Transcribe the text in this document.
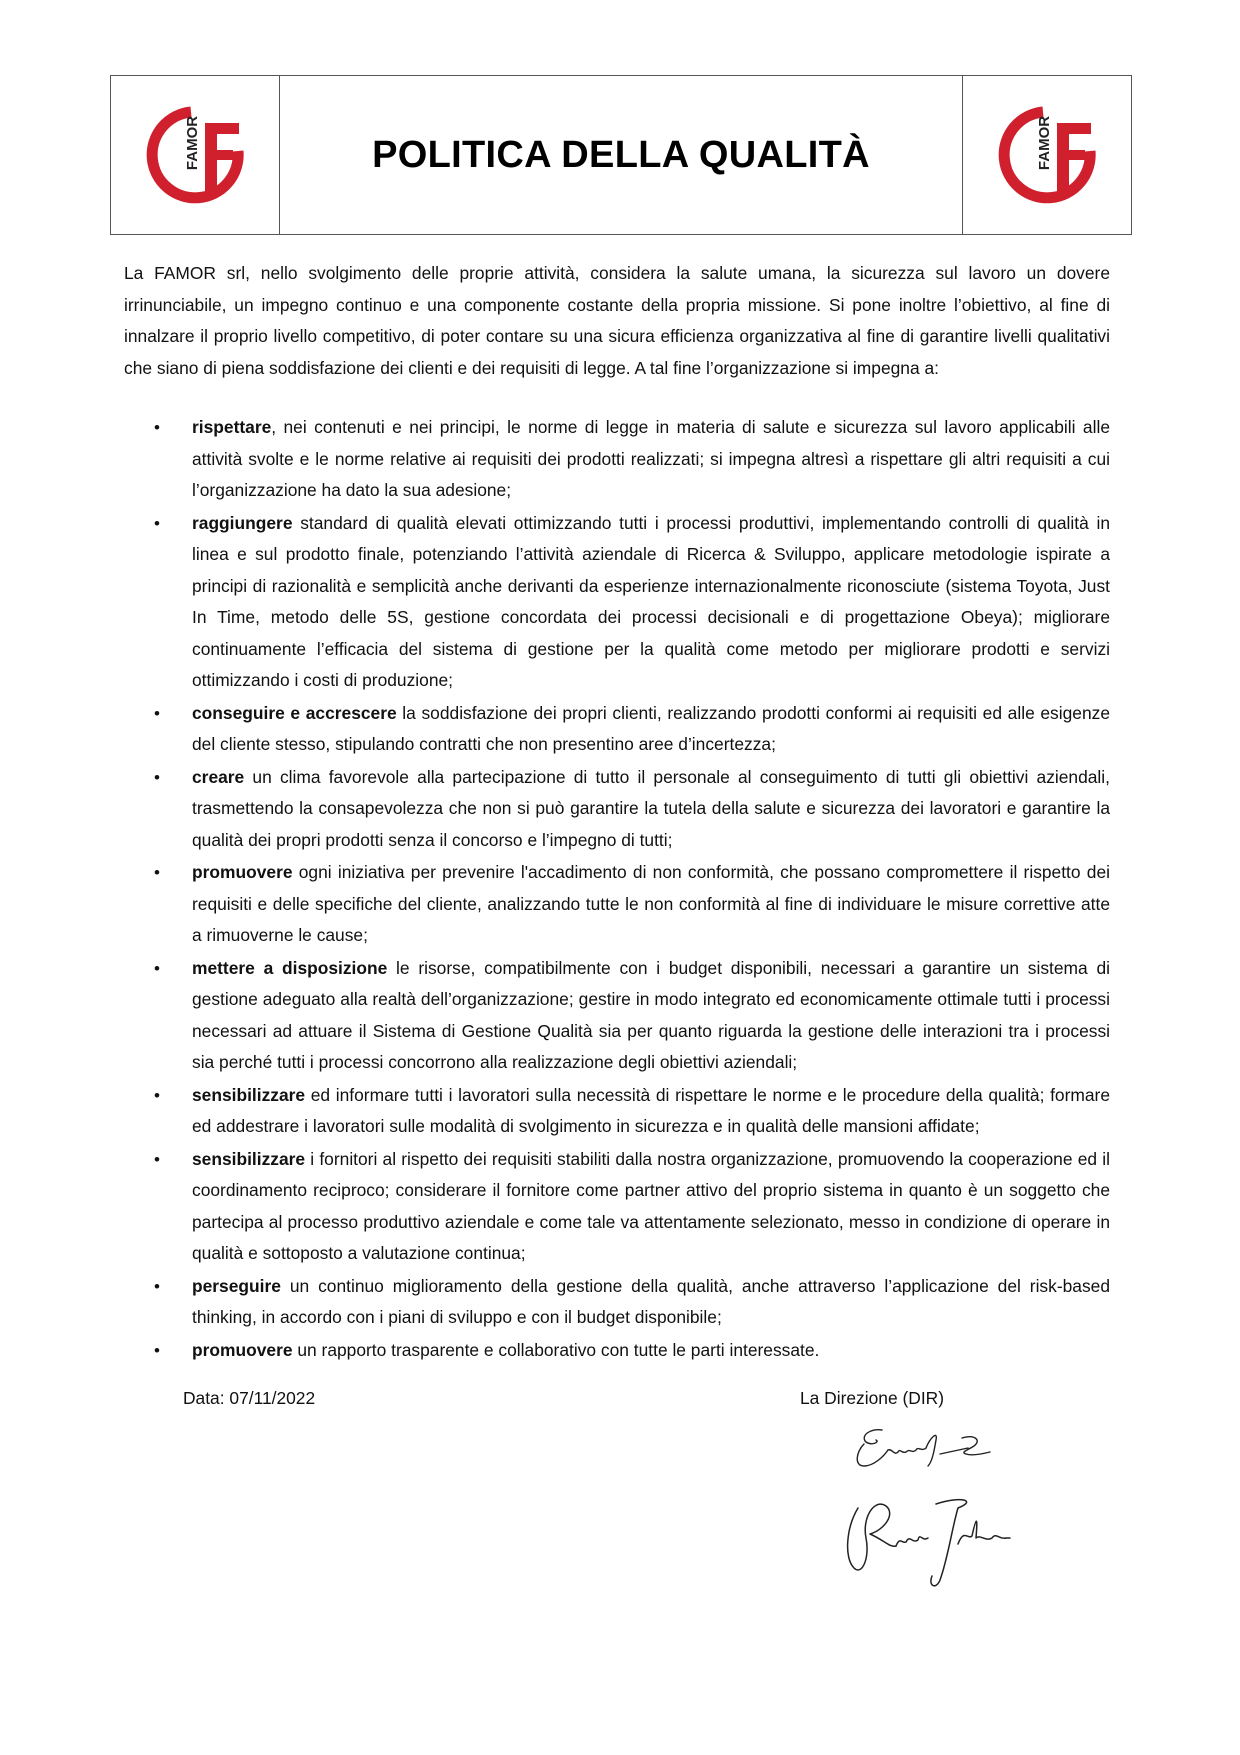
FAMOR	POLITICA DELLA QUALITÀ	FAMOR

La FAMOR srl, nello svolgimento delle proprie attività, considera la salute umana, la sicurezza sul lavoro un dovere irrinunciabile, un impegno continuo e una componente costante della propria missione. Si pone inoltre l’obiettivo, al fine di innalzare il proprio livello competitivo, di poter contare su una sicura efficienza organizzativa al fine di garantire livelli qualitativi che siano di piena soddisfazione dei clienti e dei requisiti di legge. A tal fine l’organizzazione si impegna a:

• rispettare, nei contenuti e nei principi, le norme di legge in materia di salute e sicurezza sul lavoro applicabili alle attività svolte e le norme relative ai requisiti dei prodotti realizzati; si impegna altresì a rispettare gli altri requisiti a cui l’organizzazione ha dato la sua adesione;
• raggiungere standard di qualità elevati ottimizzando tutti i processi produttivi, implementando controlli di qualità in linea e sul prodotto finale, potenziando l’attività aziendale di Ricerca & Sviluppo, applicare metodologie ispirate a principi di razionalità e semplicità anche derivanti da esperienze internazionalmente riconosciute (sistema Toyota, Just In Time, metodo delle 5S, gestione concordata dei processi decisionali e di progettazione Obeya); migliorare continuamente l’efficacia del sistema di gestione per la qualità come metodo per migliorare prodotti e servizi ottimizzando i costi di produzione;
• conseguire e accrescere la soddisfazione dei propri clienti, realizzando prodotti conformi ai requisiti ed alle esigenze del cliente stesso, stipulando contratti che non presentino aree d’incertezza;
• creare un clima favorevole alla partecipazione di tutto il personale al conseguimento di tutti gli obiettivi aziendali, trasmettendo la consapevolezza che non si può garantire la tutela della salute e sicurezza dei lavoratori e garantire la qualità dei propri prodotti senza il concorso e l’impegno di tutti;
• promuovere ogni iniziativa per prevenire l'accadimento di non conformità, che possano compromettere il rispetto dei requisiti e delle specifiche del cliente, analizzando tutte le non conformità al fine di individuare le misure correttive atte a rimuoverne le cause;
• mettere a disposizione le risorse, compatibilmente con i budget disponibili, necessari a garantire un sistema di gestione adeguato alla realtà dell’organizzazione; gestire in modo integrato ed economicamente ottimale tutti i processi necessari ad attuare il Sistema di Gestione Qualità sia per quanto riguarda la gestione delle interazioni tra i processi sia perché tutti i processi concorrono alla realizzazione degli obiettivi aziendali;
• sensibilizzare ed informare tutti i lavoratori sulla necessità di rispettare le norme e le procedure della qualità; formare ed addestrare i lavoratori sulle modalità di svolgimento in sicurezza e in qualità delle mansioni affidate;
• sensibilizzare i fornitori al rispetto dei requisiti stabiliti dalla nostra organizzazione, promuovendo la cooperazione ed il coordinamento reciproco; considerare il fornitore come partner attivo del proprio sistema in quanto è un soggetto che partecipa al processo produttivo aziendale e come tale va attentamente selezionato, messo in condizione di operare in qualità e sottoposto a valutazione continua;
• perseguire un continuo miglioramento della gestione della qualità, anche attraverso l’applicazione del risk-based thinking, in accordo con i piani di sviluppo e con il budget disponibile;
• promuovere un rapporto trasparente e collaborativo con tutte le parti interessate.
Data: 07/11/2022	La Direzione (DIR)
